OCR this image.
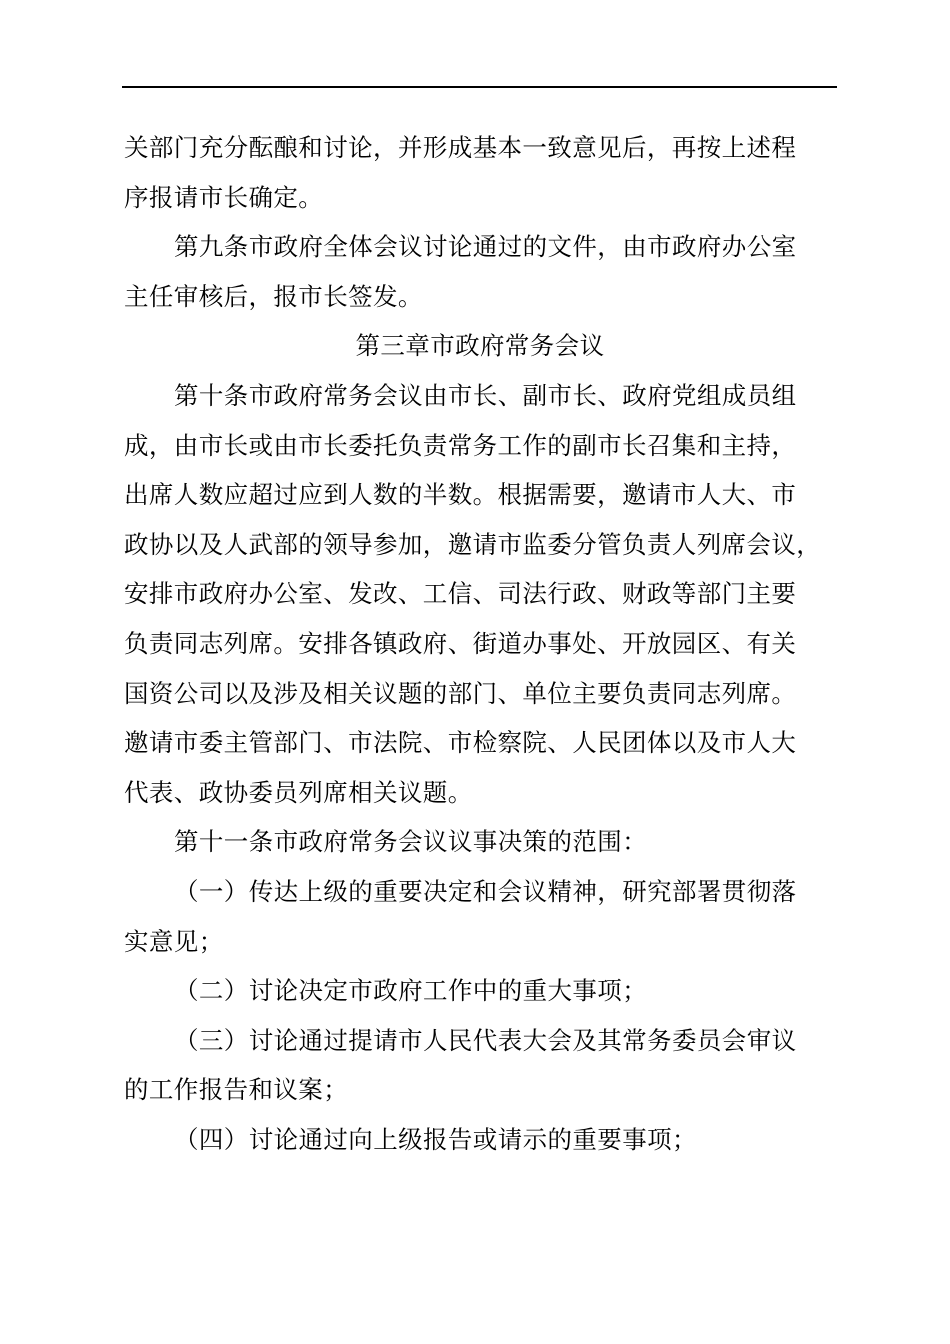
关部门充分酝酿和讨论，并形成基本一致意见后，再按上述程
序报请市长确定。
第九条市政府全体会议讨论通过的文件，由市政府办公室
主任审核后，报市长签发。
第三章市政府常务会议
第十条市政府常务会议由市长、副市长、政府党组成员组
成，由市长或由市长委托负责常务工作的副市长召集和主持，
出席人数应超过应到人数的半数。根据需要，邀请市人大、市
政协以及人武部的领导参加，邀请市监委分管负责人列席会议，
安排市政府办公室、发改、工信、司法行政、财政等部门主要
负责同志列席。安排各镇政府、街道办事处、开放园区、有关
国资公司以及涉及相关议题的部门、单位主要负责同志列席。
邀请市委主管部门、市法院、市检察院、人民团体以及市人大
代表、政协委员列席相关议题。
第十一条市政府常务会议议事决策的范围：
（一）传达上级的重要决定和会议精神，研究部署贯彻落
实意见；
（二）讨论决定市政府工作中的重大事项；
（三）讨论通过提请市人民代表大会及其常务委员会审议
的工作报告和议案；
（四）讨论通过向上级报告或请示的重要事项；
